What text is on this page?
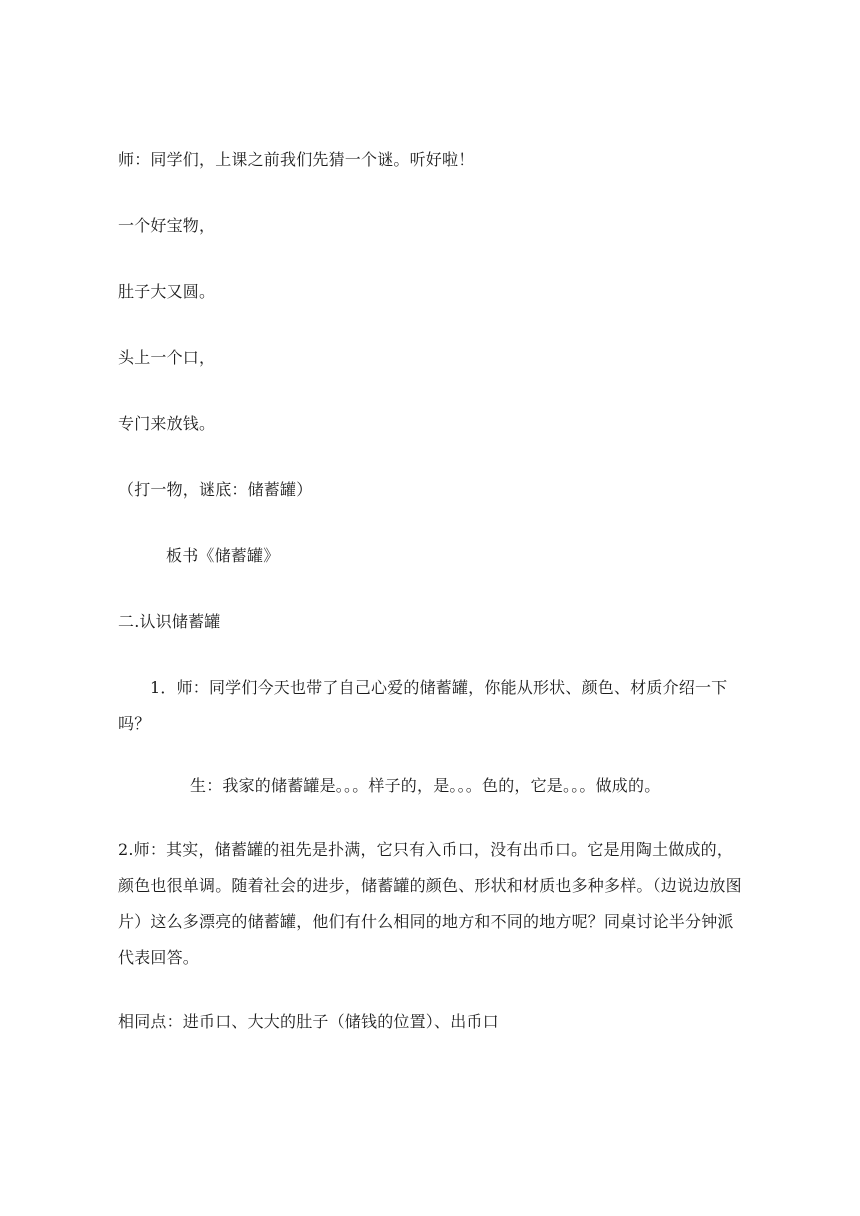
师：同学们，上课之前我们先猜一个谜。听好啦！
一个好宝物，
肚子大又圆。
头上一个口，
专门来放钱。
（打一物，谜底：储蓄罐）
板书《储蓄罐》
二.认识储蓄罐
1．师：同学们今天也带了自己心爱的储蓄罐，你能从形状、颜色、材质介绍一下吗？
生：我家的储蓄罐是。。。样子的，是。。。色的，它是。。。做成的。
2.师：其实，储蓄罐的祖先是扑满，它只有入币口，没有出币口。它是用陶土做成的，颜色也很单调。随着社会的进步，储蓄罐的颜色、形状和材质也多种多样。（边说边放图片）这么多漂亮的储蓄罐，他们有什么相同的地方和不同的地方呢？同桌讨论半分钟派代表回答。
相同点：进币口、大大的肚子（储钱的位置）、出币口
